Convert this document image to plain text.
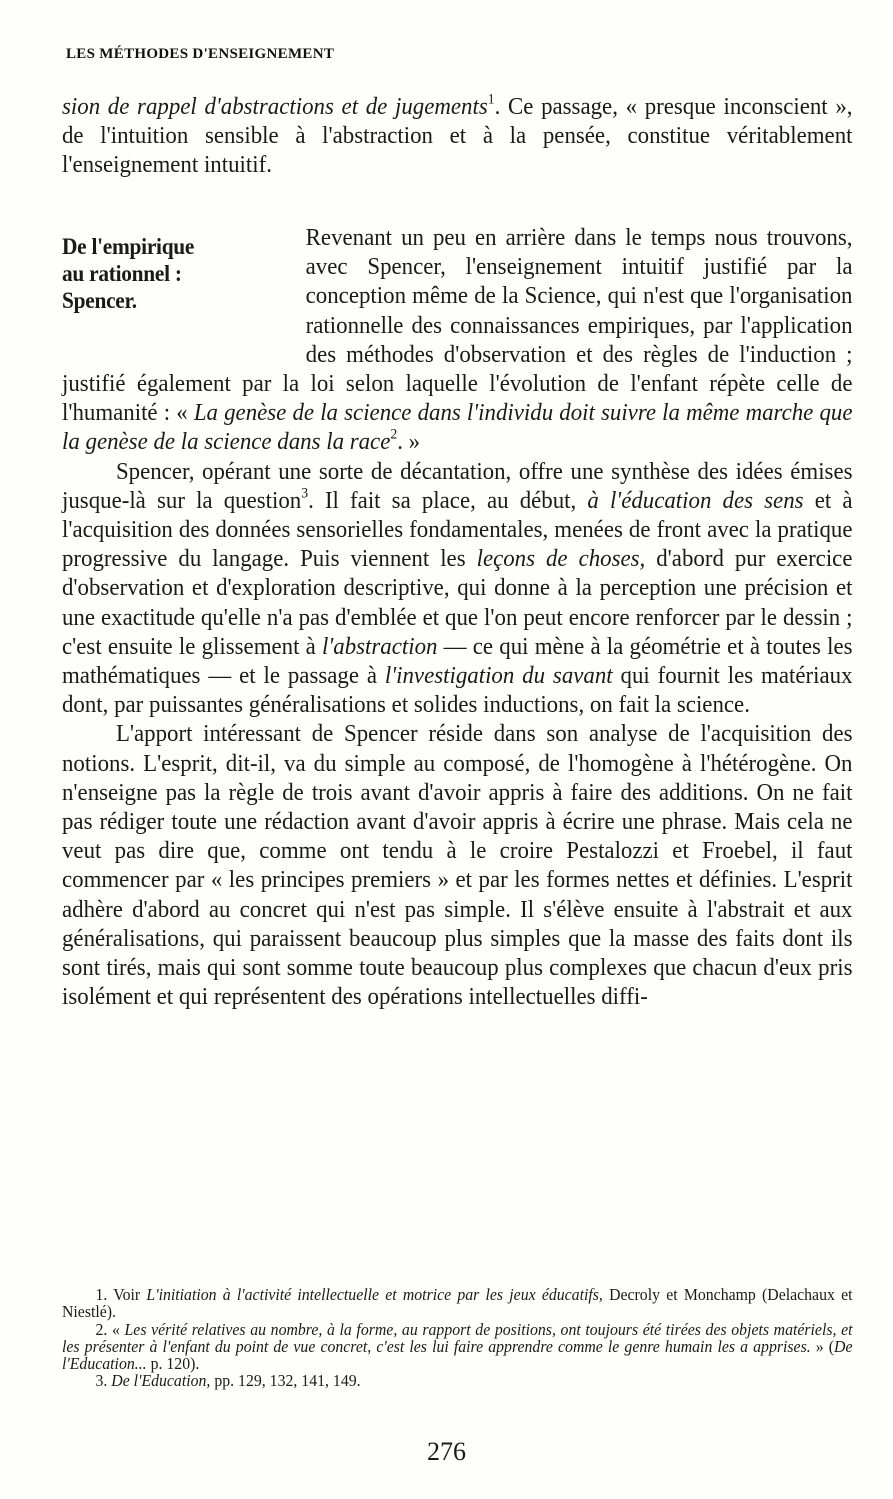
LES MÉTHODES D'ENSEIGNEMENT

sion de rappel d'abstractions et de jugements$^1$. Ce passage, « presque inconscient », de l'intuition sensible à l'abstraction et à la pensée, constitue véritablement l'enseignement intuitif.

De l'empirique
au rationnel :
Spencer.

Revenant un peu en arrière dans le temps nous trouvons, avec Spencer, l'enseignement intuitif justifié par la conception même de la Science, qui n'est que l'organisation rationnelle des connaissances empiriques, par l'application des méthodes d'observation et des règles de l'induction ; justifié également par la loi selon laquelle l'évolution de l'enfant répète celle de l'humanité : « La genèse de la science dans l'individu doit suivre la même marche que la genèse de la science dans la race$^2$. »

Spencer, opérant une sorte de décantation, offre une synthèse des idées émises jusque-là sur la question$^3$. Il fait sa place, au début, à l'éducation des sens et à l'acquisition des données sensorielles fondamentales, menées de front avec la pratique progressive du langage. Puis viennent les leçons de choses, d'abord pur exercice d'observation et d'exploration descriptive, qui donne à la perception une précision et une exactitude qu'elle n'a pas d'emblée et que l'on peut encore renforcer par le dessin ; c'est ensuite le glissement à l'abstraction — ce qui mène à la géométrie et à toutes les mathématiques — et le passage à l'investigation du savant qui fournit les matériaux dont, par puissantes généralisations et solides inductions, on fait la science.

L'apport intéressant de Spencer réside dans son analyse de l'acquisition des notions. L'esprit, dit-il, va du simple au composé, de l'homogène à l'hétérogène. On n'enseigne pas la règle de trois avant d'avoir appris à faire des additions. On ne fait pas rédiger toute une rédaction avant d'avoir appris à écrire une phrase. Mais cela ne veut pas dire que, comme ont tendu à le croire Pestalozzi et Froebel, il faut commencer par « les principes premiers » et par les formes nettes et définies. L'esprit adhère d'abord au concret qui n'est pas simple. Il s'élève ensuite à l'abstrait et aux généralisations, qui paraissent beaucoup plus simples que la masse des faits dont ils sont tirés, mais qui sont somme toute beaucoup plus complexes que chacun d'eux pris isolément et qui représentent des opérations intellectuelles diffi-

1. Voir L'initiation à l'activité intellectuelle et motrice par les jeux éducatifs, Decroly et Monchamp (Delachaux et Niestlé).

2. « Les vérité relatives au nombre, à la forme, au rapport de positions, ont toujours été tirées des objets matériels, et les présenter à l'enfant du point de vue concret, c'est les lui faire apprendre comme le genre humain les a apprises. » (De l'Education... p. 120).

3. De l'Education, pp. 129, 132, 141, 149.

276
